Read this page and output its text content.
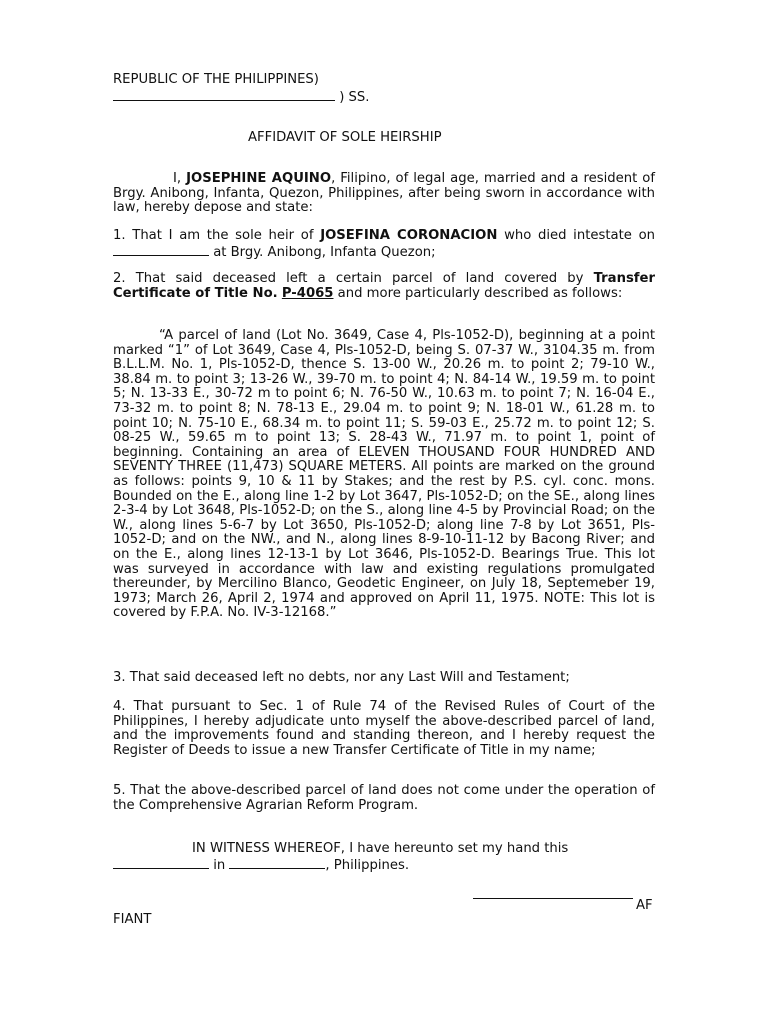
REPUBLIC OF THE PHILIPPINES)
) SS.
AFFIDAVIT OF SOLE HEIRSHIP

I, JOSEPHINE AQUINO, Filipino, of legal age, married and a resident of Brgy. Anibong, Infanta, Quezon, Philippines, after being sworn in accordance with law, hereby depose and state:

1. That I am the sole heir of JOSEFINA CORONACION who died intestate on  at Brgy. Anibong, Infanta Quezon;

2. That said deceased left a certain parcel of land covered by Transfer Certificate of Title No. P-4065 and more particularly described as follows:

“A parcel of land (Lot No. 3649, Case 4, Pls-1052-D), beginning at a point marked “1” of Lot 3649, Case 4, Pls-1052-D, being S. 07-37 W., 3104.35 m. from B.L.L.M. No. 1, Pls-1052-D, thence S. 13-00 W., 20.26 m. to point 2; 79-10 W., 38.84 m. to point 3; 13-26 W., 39-70 m. to point 4; N. 84-14 W., 19.59 m. to point 5; N. 13-33 E., 30-72 m to point 6; N. 76-50 W., 10.63 m. to point 7; N. 16-04 E., 73-32 m. to point 8; N. 78-13 E., 29.04 m. to point 9; N. 18-01 W., 61.28 m. to point 10; N. 75-10 E., 68.34 m. to point 11; S. 59-03 E., 25.72 m. to point 12; S. 08-25 W., 59.65 m to point 13; S. 28-43 W., 71.97 m. to point 1, point of beginning. Containing an area of ELEVEN THOUSAND FOUR HUNDRED AND SEVENTY THREE (11,473) SQUARE METERS. All points are marked on the ground as follows: points 9, 10 & 11 by Stakes; and the rest by P.S. cyl. conc. mons. Bounded on the E., along line 1-2 by Lot 3647, Pls-1052-D; on the SE., along lines 2-3-4 by Lot 3648, Pls-1052-D; on the S., along line 4-5 by Provincial Road; on the W., along lines 5-6-7 by Lot 3650, Pls-1052-D; along line 7-8 by Lot 3651, Pls-1052-D; and on the NW., and N., along lines 8-9-10-11-12 by Bacong River; and on the E., along lines 12-13-1 by Lot 3646, Pls-1052-D. Bearings True. This lot was surveyed in accordance with law and existing regulations promulgated thereunder, by Mercilino Blanco, Geodetic Engineer, on July 18, Septemeber 19, 1973; March 26, April 2, 1974 and approved on April 11, 1975. NOTE: This lot is covered by F.P.A. No. IV-3-12168.”

3. That said deceased left no debts, nor any Last Will and Testament;

4. That pursuant to Sec. 1 of Rule 74 of the Revised Rules of Court of the Philippines, I hereby adjudicate unto myself the above-described parcel of land, and the improvements found and standing thereon, and I hereby request the Register of Deeds to issue a new Transfer Certificate of Title in my name;

5. That the above-described parcel of land does not come under the operation of the Comprehensive Agrarian Reform Program.

IN WITNESS WHEREOF, I have hereunto set my hand this
in	, Philippines.
AF
FIANT
